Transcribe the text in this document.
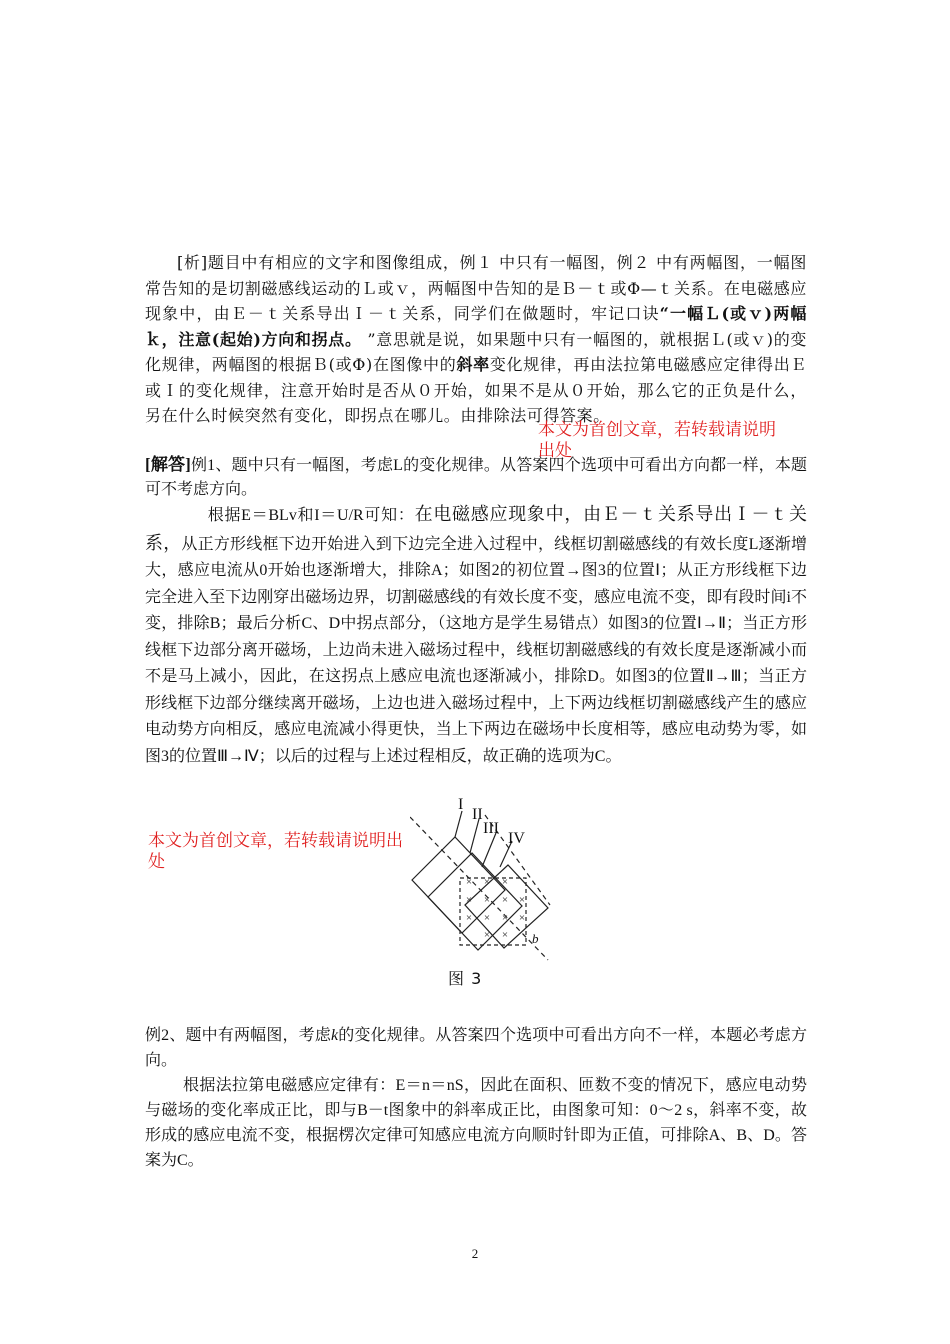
[析]题目中有相应的文字和图像组成，例１ 中只有一幅图，例２ 中有两幅图，一幅图常告知的是切割磁感线运动的Ｌ或ｖ，两幅图中告知的是Ｂ－ｔ或Φ—ｔ关系。在电磁感应现象中，由Ｅ－ｔ关系导出Ｉ－ｔ关系，同学们在做题时，牢记口诀“一幅Ｌ(或ｖ)两幅ｋ，注意(起始)方向和拐点。 ”意思就是说，如果题中只有一幅图的，就根据Ｌ(或ｖ)的变化规律，两幅图的根据Ｂ(或Φ)在图像中的斜率变化规律，再由法拉第电磁感应定律得出Ｅ或Ｉ的变化规律，注意开始时是否从０开始，如果不是从０开始，那么它的正负是什么，另在什么时候突然有变化，即拐点在哪儿。由排除法可得答案。

[解答]例1、题中只有一幅图，考虑L的变化规律。从答案四个选项中可看出方向都一样，本题可不考虑方向。

根据E＝BLv和I＝U/R可知：在电磁感应现象中，由Ｅ－ｔ关系导出Ｉ－ｔ关系，从正方形线框下边开始进入到下边完全进入过程中，线框切割磁感线的有效长度L逐渐增大，感应电流从0开始也逐渐增大，排除A；如图2的初位置→图3的位置Ⅰ；从正方形线框下边完全进入至下边刚穿出磁场边界，切割磁感线的有效长度不变，感应电流不变，即有段时间i不变，排除B；最后分析C、D中拐点部分，（这地方是学生易错点）如图3的位置Ⅰ→Ⅱ；当正方形线框下边部分离开磁场，上边尚未进入磁场过程中，线框切割磁感线的有效长度是逐渐减小而不是马上减小，因此，在这拐点上感应电流也逐渐减小，排除D。如图3的位置Ⅱ→Ⅲ；当正方形线框下边部分继续离开磁场，上边也进入磁场过程中，上下两边线框切割磁感线产生的感应电动势方向相反，感应电流减小得更快，当上下两边在磁场中长度相等，感应电动势为零，如图3的位置Ⅲ→Ⅳ；以后的过程与上述过程相反，故正确的选项为C。

本文为首创文章，若转载请说明出处
本文为首创文章，若转载请说明出处
× × ×
× × × ×
× × × ×
× ×
I
II
III
IV
b
图 3

例2、题中有两幅图，考虑k的变化规律。从答案四个选项中可看出方向不一样，本题必考虑方向。

根据法拉第电磁感应定律有：E＝n＝nS，因此在面积、匝数不变的情况下，感应电动势与磁场的变化率成正比，即与B－t图象中的斜率成正比，由图象可知：0～2 s，斜率不变，故形成的感应电流不变，根据楞次定律可知感应电流方向顺时针即为正值，可排除A、B、D。答案为C。

2
